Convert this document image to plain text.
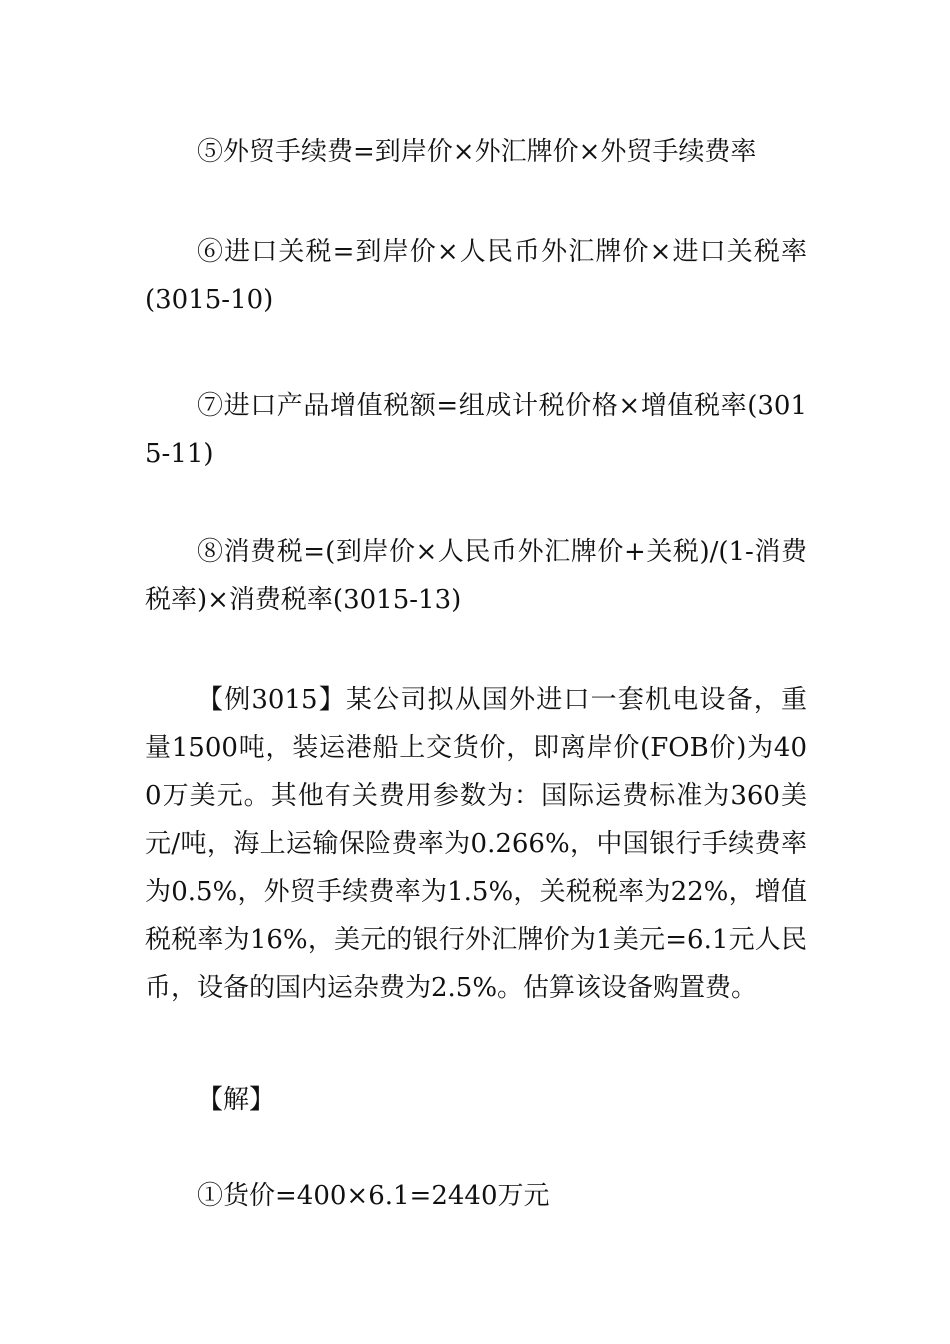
⑤外贸手续费=到岸价×外汇牌价×外贸手续费率

⑥进口关税=到岸价×人民币外汇牌价×进口关税率(3015-10)

⑦进口产品增值税额=组成计税价格×增值税率(3015-11)

⑧消费税=(到岸价×人民币外汇牌价+关税)/(1-消费税率)×消费税率(3015-13)

【例3015】某公司拟从国外进口一套机电设备，重量1500吨，装运港船上交货价，即离岸价(FOB价)为400万美元。其他有关费用参数为：国际运费标准为360美元/吨，海上运输保险费率为0.266%，中国银行手续费率为0.5%，外贸手续费率为1.5%，关税税率为22%，增值税税率为16%，美元的银行外汇牌价为1美元=6.1元人民币，设备的国内运杂费为2.5%。估算该设备购置费。

【解】

①货价=400×6.1=2440万元
